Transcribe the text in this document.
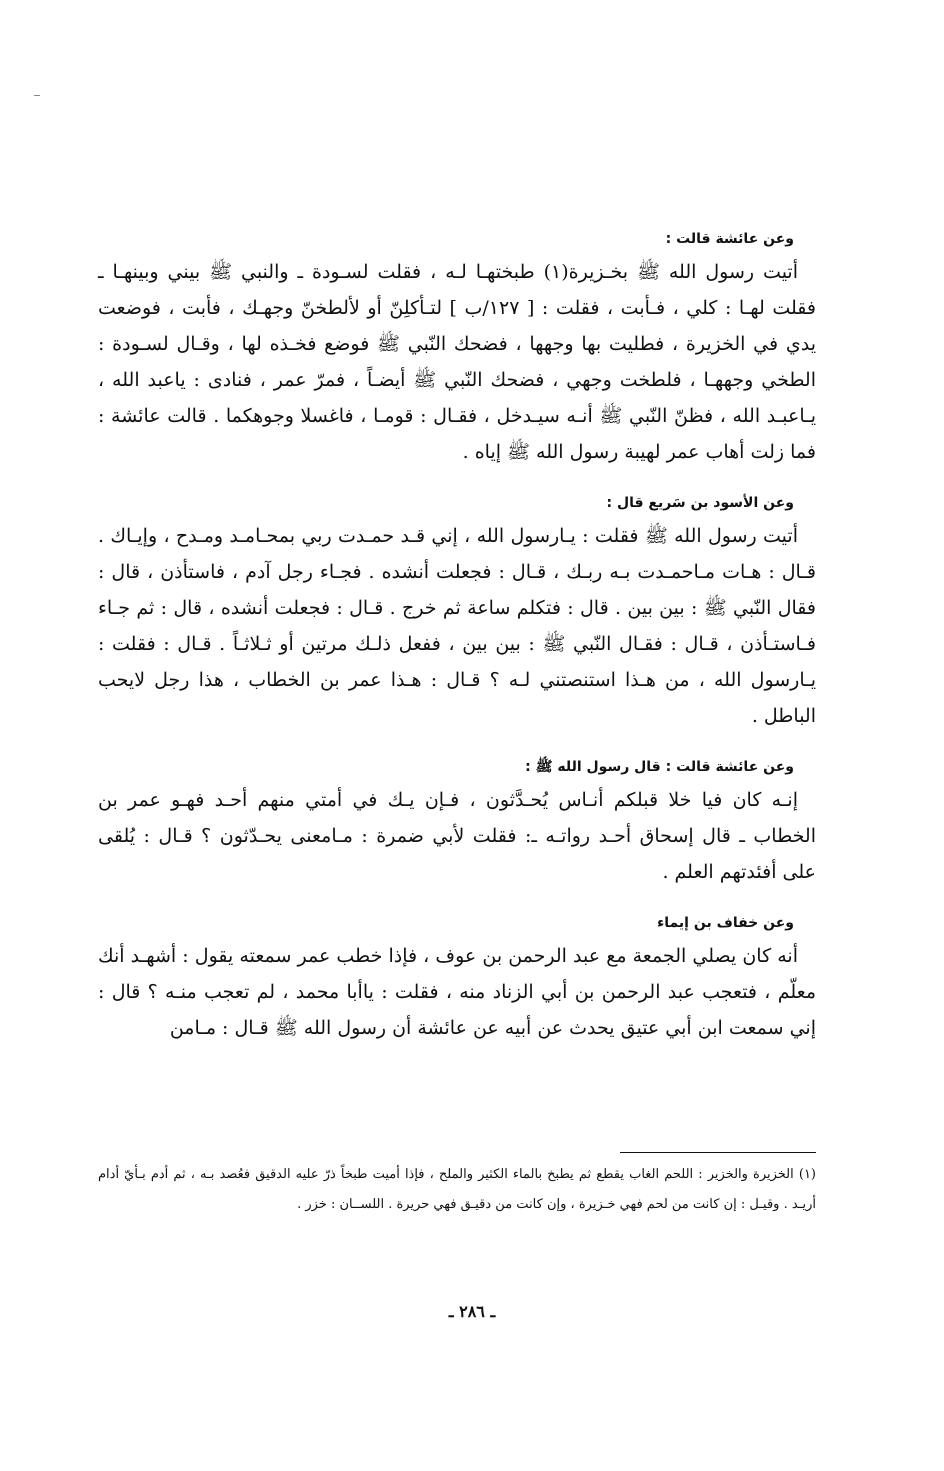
وعن عائشة قالت :

أتيت رسول الله ﷺ بخـزيرة(١) طبختهـا لـه ، فقلت لسـودة ـ والنبي ﷺ بيني وبينهـا ـ فقلت لهـا : كلي ، فـأبت ، فقلت : [ ١٢٧/ب ] لتـأكلِنّ أو لألطخنّ وجهـك ، فأبت ، فوضعت يدي في الخزيرة ، فطليت بها وجهها ، فضحك النّبي ﷺ فوضع فخـذه لها ، وقـال لسـودة : الطخي وجههـا ، فلطخت وجهي ، فضحك النّبي ﷺ أيضـاً ، فمرّ عمر ، فنادى : ياعبد الله ، يـاعبـد الله ، فظنّ النّبي ﷺ أنـه سيـدخل ، فقـال : قومـا ، فاغسلا وجوهكما . قالت عائشة : فما زلت أهاب عمر لهيبة رسول الله ﷺ إياه .

وعن الأسود بن سَريع قال :

أتيت رسول الله ﷺ فقلت : يـارسول الله ، إني قـد حمـدت ربي بمحـامـد ومـدح ، وإيـاك . قـال : هـات مـاحمـدت بـه ربـك ، قـال : فجعلت أنشده . فجـاء رجل آدم ، فاستأذن ، قال : فقال النّبي ﷺ : بين بين . قال : فتكلم ساعة ثم خرج . قـال : فجعلت أنشده ، قال : ثم جـاء فـاستـأذن ، قـال : فقـال النّبي ﷺ : بين بين ، ففعل ذلـك مرتين أو ثـلاثـاً . قـال : فقلت : يـارسول الله ، من هـذا استنصتني لـه ؟ قـال : هـذا عمر بن الخطاب ، هذا رجل لايحب الباطل .

وعن عائشة قالت : قال رسول الله ﷺ :

إنـه كان فيا خلا قبلكم أنـاس يُحـدَّثون ، فـإن يـك في أمتي منهم أحـد فهـو عمر بن الخطاب ـ قال إسحاق أحـد رواتـه ـ: فقلت لأبي ضمرة : مـامعنى يحـدّثون ؟ قـال : يُلقى على أفئدتهم العلم .

وعن خفاف بن إيماء

أنه كان يصلي الجمعة مع عبد الرحمن بن عوف ، فإذا خطب عمر سمعته يقول : أشهـد أنك معلّم ، فتعجب عبد الرحمن بن أبي الزناد منه ، فقلت : ياأبا محمد ، لم تعجب منـه ؟ قال : إني سمعت ابن أبي عتيق يحدث عن أبيه عن عائشة أن رسول الله ﷺ قـال : مـامن

(١) الخزيرة والخزير : اللحم الغاب يقطع ثم يطبخ بالماء الكثير والملح ، فإذا أميت طبخاً ذرّ عليه الدقيق فعُصد بـه ، ثم أدم بـأيّ أدام أريـد . وقيـل : إن كانت من لحم فهي خـزيرة ، وإن كانت من دقيـق فهي حريرة . اللســان : خزر .
ـ ٢٨٦ ـ
